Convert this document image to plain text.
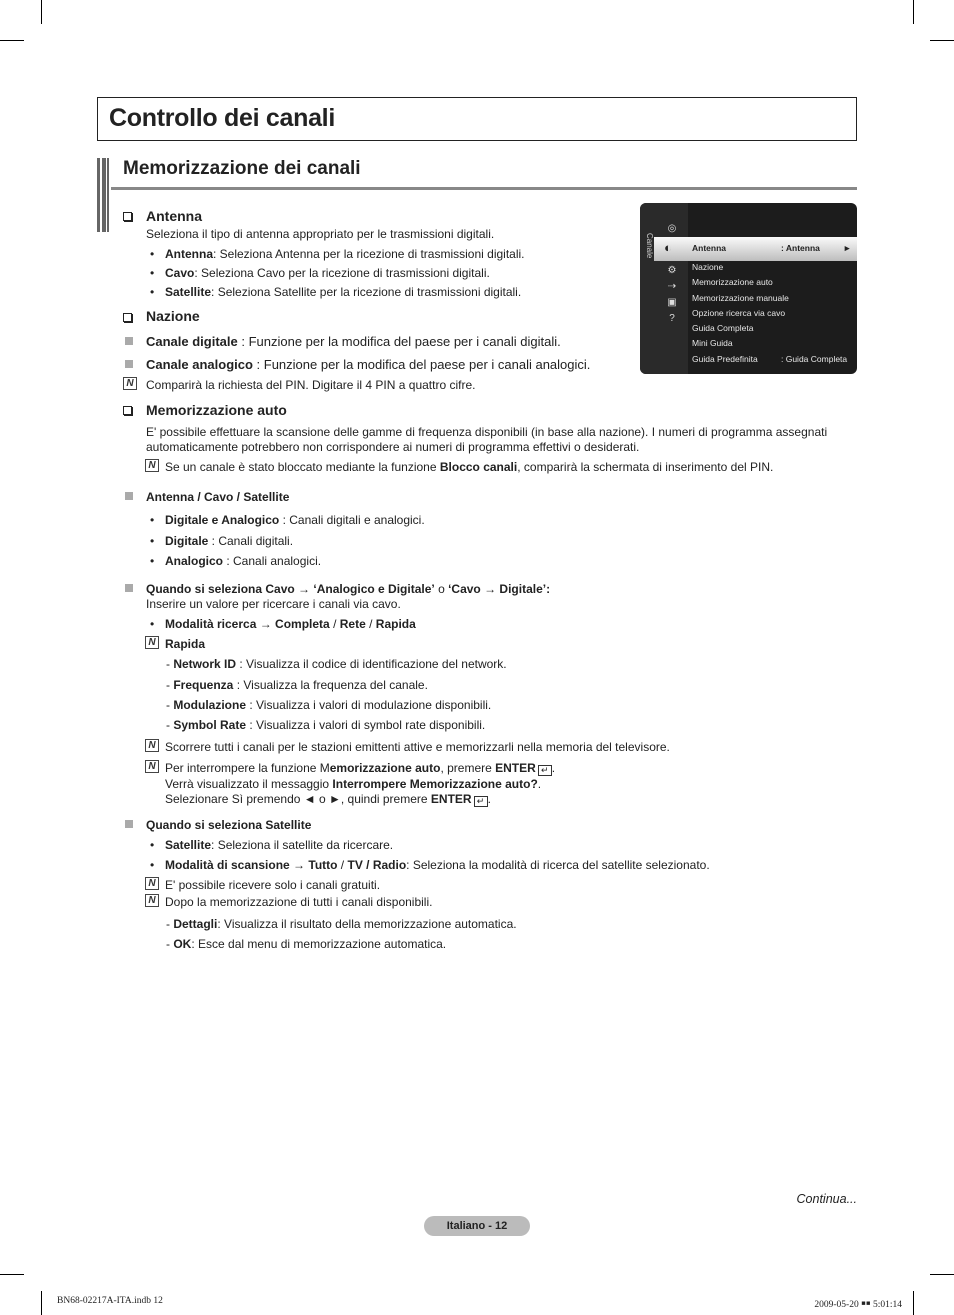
Controllo dei canali
Memorizzazione dei canali
Canale
◎
⚙
⇢
▣
?
◐ Antenna	: Antenna	►
Nazione
Memorizzazione auto
Memorizzazione manuale
Opzione ricerca via cavo
Guida Completa
Mini Guida
Guida Predefinita	: Guida Completa
Antenna
Seleziona il tipo di antenna appropriato per le trasmissioni digitali.
• Antenna: Seleziona Antenna per la ricezione di trasmissioni digitali.
• Cavo: Seleziona Cavo per la ricezione di trasmissioni digitali.
• Satellite: Seleziona Satellite per la ricezione di trasmissioni digitali.
Nazione
Canale digitale : Funzione per la modifica del paese per i canali digitali.
Canale analogico : Funzione per la modifica del paese per i canali analogici.
N Comparirà la richiesta del PIN. Digitare il 4 PIN a quattro cifre.
Memorizzazione auto
E' possibile effettuare la scansione delle gamme di frequenza disponibili (in base alla nazione). I numeri di programma assegnati
automaticamente potrebbero non corrispondere ai numeri di programma effettivi o desiderati.
N Se un canale è stato bloccato mediante la funzione Blocco canali, comparirà la schermata di inserimento del PIN.
Antenna / Cavo / Satellite
• Digitale e Analogico : Canali digitali e analogici.
• Digitale : Canali digitali.
• Analogico : Canali analogici.
Quando si seleziona Cavo → ‘Analogico e Digitale’ o ‘Cavo → Digitale’:
Inserire un valore per ricercare i canali via cavo.
• Modalità ricerca → Completa / Rete / Rapida
N Rapida
- Network ID : Visualizza il codice di identificazione del network.
- Frequenza : Visualizza la frequenza del canale.
- Modulazione : Visualizza i valori di modulazione disponibili.
- Symbol Rate : Visualizza i valori di symbol rate disponibili.
N Scorrere tutti i canali per le stazioni emittenti attive e memorizzarli nella memoria del televisore.
N Per interrompere la funzione Memorizzazione auto, premere ENTER ↵ .
Verrà visualizzato il messaggio Interrompere Memorizzazione auto?.
Selezionare Sì premendo ◄ o ►, quindi premere ENTER ↵ .
Quando si seleziona Satellite
• Satellite: Seleziona il satellite da ricercare.
• Modalità di scansione → Tutto / TV / Radio: Seleziona la modalità di ricerca del satellite selezionato.
N E' possibile ricevere solo i canali gratuiti.
N Dopo la memorizzazione di tutti i canali disponibili.
- Dettagli: Visualizza il risultato della memorizzazione automatica.
- OK: Esce dal menu di memorizzazione automatica.
Continua...
Italiano - 12
BN68-02217A-ITA.indb 12	2009-05-20 ￭￭ 5:01:14
